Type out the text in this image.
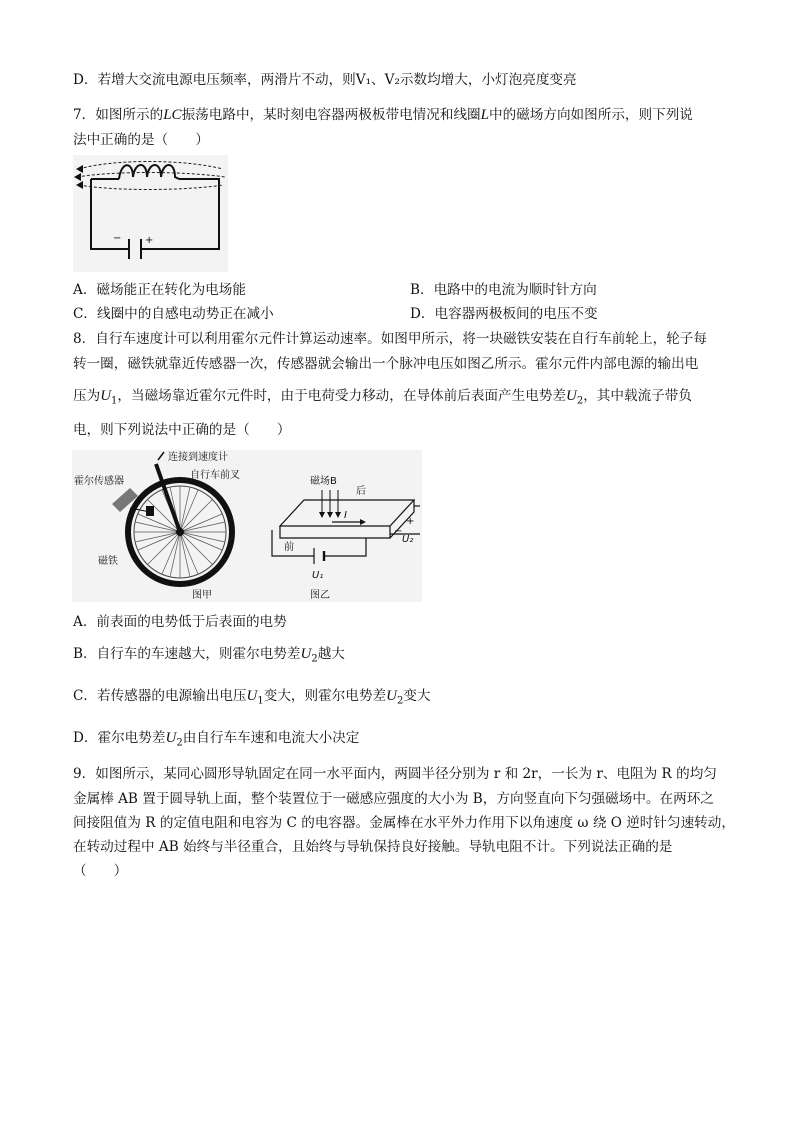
D．若增大交流电源电压频率，两滑片不动，则V₁、V₂示数均增大，小灯泡亮度变亮
7．如图所示的LC振荡电路中，某时刻电容器两极板带电情况和线圈L中的磁场方向如图所示，则下列说
法中正确的是（　　）
− +
A．磁场能正在转化为电场能	B．电路中的电流为顺时针方向
C．线圈中的自感电动势正在减小	D．电容器两极板间的电压不变
8．自行车速度计可以利用霍尔元件计算运动速率。如图甲所示，将一块磁铁安装在自行车前轮上，轮子每
转一圈，磁铁就靠近传感器一次，传感器就会输出一个脉冲电压如图乙所示。霍尔元件内部电源的输出电
压为$U_1$，当磁场靠近霍尔元件时，由于电荷受力移动，在导体前后表面产生电势差$U_2$，其中载流子带负
电，则下列说法中正确的是（　　）
霍尔传感器
连接到速度计
自行车前叉
磁铁
图甲
磁场B
后
前
I
+
−
U₂
U₁
图乙
A．前表面的电势低于后表面的电势
B．自行车的车速越大，则霍尔电势差$U_2$越大
C．若传感器的电源输出电压$U_1$变大，则霍尔电势差$U_2$变大
D．霍尔电势差$U_2$由自行车车速和电流大小决定
9．如图所示，某同心圆形导轨固定在同一水平面内，两圆半径分别为 r 和 2r，一长为 r、电阻为 R 的均匀
金属棒 AB 置于圆导轨上面，整个装置位于一磁感应强度的大小为 B，方向竖直向下匀强磁场中。在两环之
间接阻值为 R 的定值电阻和电容为 C 的电容器。金属棒在水平外力作用下以角速度 ω 绕 O 逆时针匀速转动，
在转动过程中 AB 始终与半径重合，且始终与导轨保持良好接触。导轨电阻不计。下列说法正确的是
（　　）
